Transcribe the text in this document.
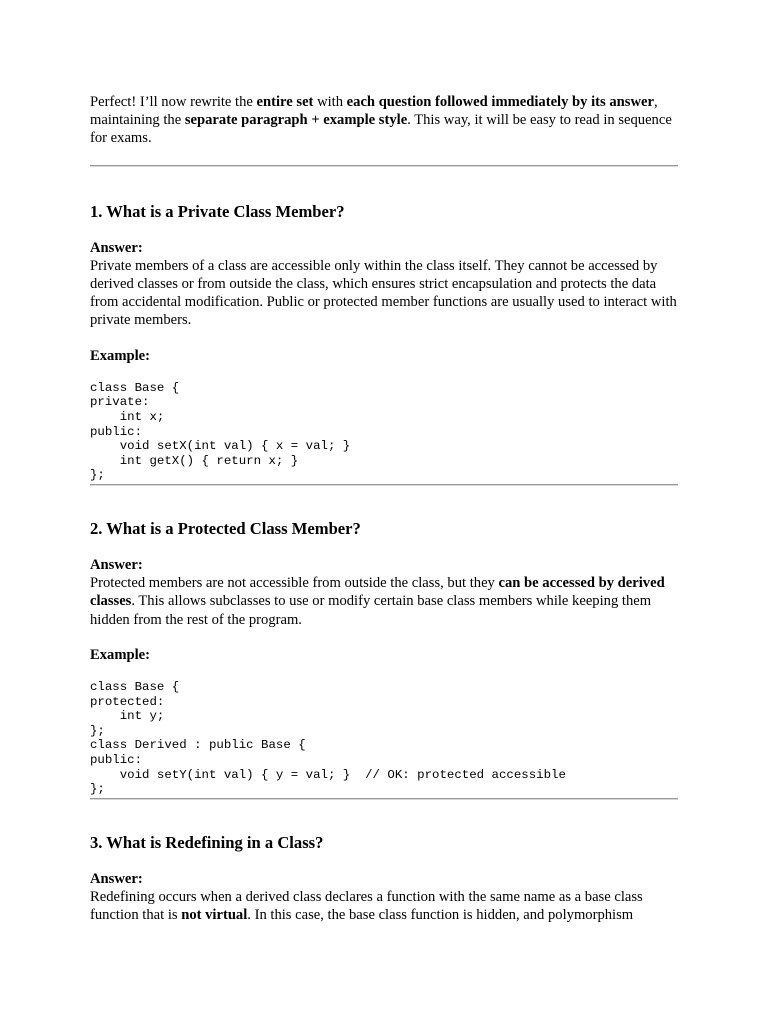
Perfect! I’ll now rewrite the entire set with each question followed immediately by its answer, maintaining the separate paragraph + example style. This way, it will be easy to read in sequence for exams.

1. What is a Private Class Member?

Answer:

Private members of a class are accessible only within the class itself. They cannot be accessed by derived classes or from outside the class, which ensures strict encapsulation and protects the data from accidental modification. Public or protected member functions are usually used to interact with private members.

Example:

class Base {
private:
int x;
public:
void setX(int val) { x = val; }
int getX() { return x; }
};
2. What is a Protected Class Member?

Answer:

Protected members are not accessible from outside the class, but they can be accessed by derived classes. This allows subclasses to use or modify certain base class members while keeping them hidden from the rest of the program.

Example:

class Base {
protected:
int y;
};
class Derived : public Base {
public:
void setY(int val) { y = val; }  // OK: protected accessible
};
3. What is Redefining in a Class?

Answer:

Redefining occurs when a derived class declares a function with the same name as a base class function that is not virtual. In this case, the base class function is hidden, and polymorphism
